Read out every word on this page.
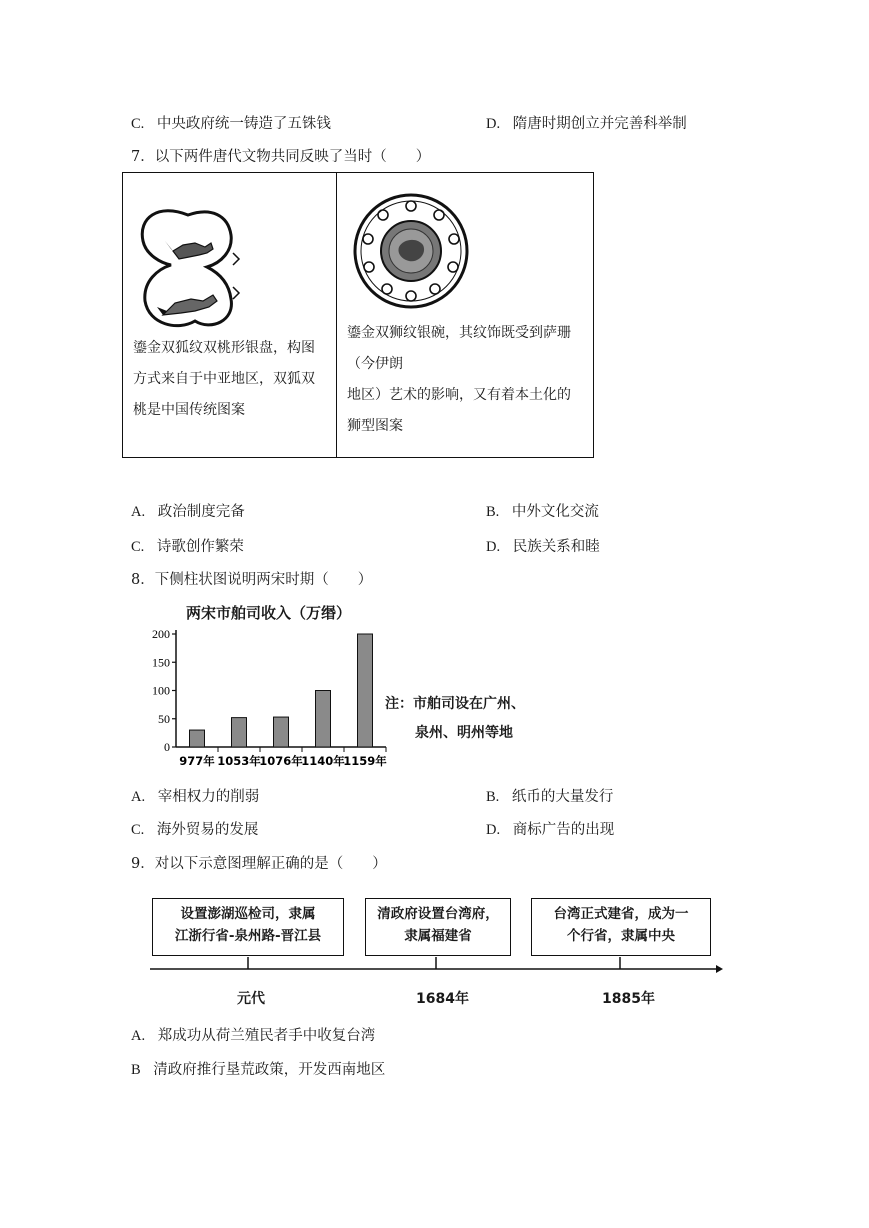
C. 中央政府统一铸造了五铢钱	D. 隋唐时期创立并完善科举制
7．以下两件唐代文物共同反映了当时（　　）
鎏金双狐纹双桃形银盘，构图
方式来自于中亚地区，双狐双
桃是中国传统图案
鎏金双狮纹银碗，其纹饰既受到萨珊
（今伊朗
地区）艺术的影响，又有着本土化的
狮型图案
A. 政治制度完备	B. 中外文化交流
C. 诗歌创作繁荣	D. 民族关系和睦
8．下侧柱状图说明两宋时期（　　）
两宋市舶司收入（万缗）
0
50
100
150
200
977年 1053年
1076年
1140年
1159年
注：市舶司设在广州、
泉州、明州等地
A. 宰相权力的削弱	B. 纸币的大量发行
C. 海外贸易的发展	D. 商标广告的出现
9．对以下示意图理解正确的是（　　）
设置澎湖巡检司，隶属
江浙行省-泉州路-晋江县
清政府设置台湾府，
隶属福建省
台湾正式建省，成为一
个行省，隶属中央
元代	1684年	1885年
A. 郑成功从荷兰殖民者手中收复台湾
B 清政府推行垦荒政策，开发西南地区
